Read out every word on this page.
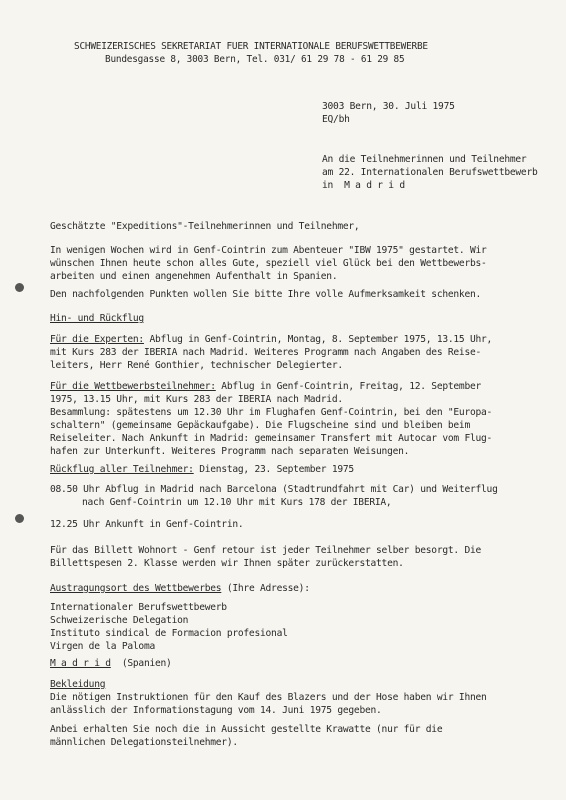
SCHWEIZERISCHES SEKRETARIAT FUER INTERNATIONALE BERUFSWETTBEWERBE
Bundesgasse 8, 3003 Bern, Tel. 031/ 61 29 78 - 61 29 85
3003 Bern, 30. Juli 1975
EQ/bh
An die Teilnehmerinnen und Teilnehmer
am 22. Internationalen Berufswettbewerb
in  M a d r i d
Geschätzte "Expeditions"-Teilnehmerinnen und Teilnehmer,
In wenigen Wochen wird in Genf-Cointrin zum Abenteuer "IBW 1975" gestartet. Wir
wünschen Ihnen heute schon alles Gute, speziell viel Glück bei den Wettbewerbs-
arbeiten und einen angenehmen Aufenthalt in Spanien.
Den nachfolgenden Punkten wollen Sie bitte Ihre volle Aufmerksamkeit schenken.
Hin- und Rückflug
Für die Experten: Abflug in Genf-Cointrin, Montag, 8. September 1975, 13.15 Uhr,
mit Kurs 283 der IBERIA nach Madrid. Weiteres Programm nach Angaben des Reise-
leiters, Herr René Gonthier, technischer Delegierter.
Für die Wettbewerbsteilnehmer: Abflug in Genf-Cointrin, Freitag, 12. September
1975, 13.15 Uhr, mit Kurs 283 der IBERIA nach Madrid.
Besammlung: spätestens um 12.30 Uhr im Flughafen Genf-Cointrin, bei den "Europa-
schaltern" (gemeinsame Gepäckaufgabe). Die Flugscheine sind und bleiben beim
Reiseleiter. Nach Ankunft in Madrid: gemeinsamer Transfert mit Autocar vom Flug-
hafen zur Unterkunft. Weiteres Programm nach separaten Weisungen.
Rückflug aller Teilnehmer: Dienstag, 23. September 1975
08.50 Uhr Abflug in Madrid nach Barcelona (Stadtrundfahrt mit Car) und Weiterflug
nach Genf-Cointrin um 12.10 Uhr mit Kurs 178 der IBERIA,
12.25 Uhr Ankunft in Genf-Cointrin.
Für das Billett Wohnort - Genf retour ist jeder Teilnehmer selber besorgt. Die
Billettspesen 2. Klasse werden wir Ihnen später zurückerstatten.
Austragungsort des Wettbewerbes (Ihre Adresse):
Internationaler Berufswettbewerb
Schweizerische Delegation
Instituto sindical de Formacion profesional
Virgen de la Paloma
M a d r i d  (Spanien)
Bekleidung
Die nötigen Instruktionen für den Kauf des Blazers und der Hose haben wir Ihnen
anlässlich der Informationstagung vom 14. Juni 1975 gegeben.
Anbei erhalten Sie noch die in Aussicht gestellte Krawatte (nur für die
männlichen Delegationsteilnehmer).
